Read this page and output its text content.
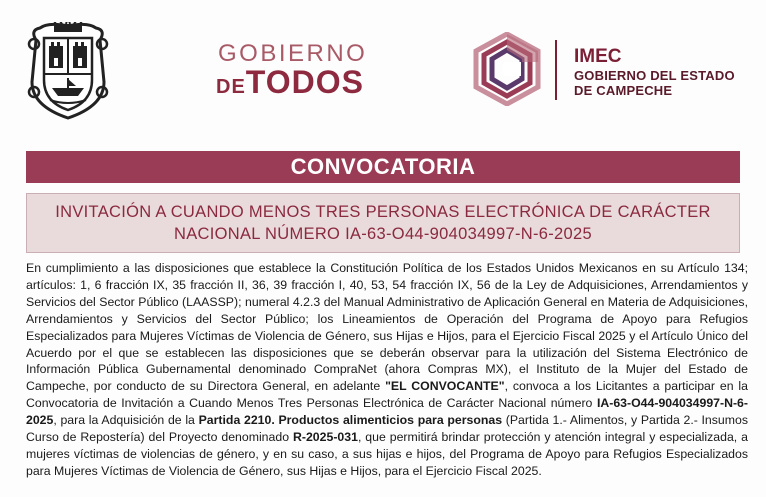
GOBIERNO
DETODOS
IMEC
GOBIERNO DEL ESTADO
DE CAMPECHE
CONVOCATORIA
INVITACIÓN A CUANDO MENOS TRES PERSONAS ELECTRÓNICA DE CARÁCTER
NACIONAL NÚMERO IA-63-O44-904034997-N-6-2025
En cumplimiento a las disposiciones que establece la Constitución Política de los Estados Unidos Mexicanos en su Artículo 134; artículos: 1, 6 fracción IX, 35 fracción II, 36, 39 fracción I, 40, 53, 54 fracción IX, 56 de la Ley de Adquisiciones, Arrendamientos y Servicios del Sector Público (LAASSP); numeral 4.2.3 del Manual Administrativo de Aplicación General en Materia de Adquisiciones, Arrendamientos y Servicios del Sector Público; los Lineamientos de Operación del Programa de Apoyo para Refugios Especializados para Mujeres Víctimas de Violencia de Género, sus Hijas e Hijos, para el Ejercicio Fiscal 2025 y el Artículo Único del Acuerdo por el que se establecen las disposiciones que se deberán observar para la utilización del Sistema Electrónico de Información Pública Gubernamental denominado CompraNet (ahora Compras MX), el Instituto de la Mujer del Estado de Campeche, por conducto de su Directora General, en adelante "EL CONVOCANTE", convoca a los Licitantes a participar en la Convocatoria de Invitación a Cuando Menos Tres Personas Electrónica de Carácter Nacional número IA-63-O44-904034997-N-6-2025, para la Adquisición de la Partida 2210. Productos alimenticios para personas (Partida 1.- Alimentos, y Partida 2.- Insumos Curso de Repostería) del Proyecto denominado R-2025-031, que permitirá brindar protección y atención integral y especializada, a mujeres víctimas de violencias de género, y en su caso, a sus hijas e hijos, del Programa de Apoyo para Refugios Especializados para Mujeres Víctimas de Violencia de Género, sus Hijas e Hijos, para el Ejercicio Fiscal 2025.
